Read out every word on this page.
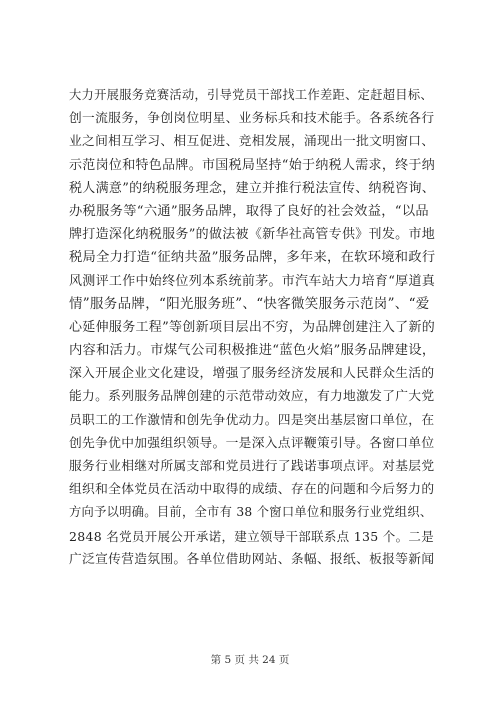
大力开展服务竞赛活动，引导党员干部找工作差距、定赶超目标、
创一流服务，争创岗位明星、业务标兵和技术能手。各系统各行
业之间相互学习、相互促进、竞相发展，涌现出一批文明窗口、
示范岗位和特色品牌。市国税局坚持“始于纳税人需求，终于纳
税人满意”的纳税服务理念，建立并推行税法宣传、纳税咨询、
办税服务等“六通”服务品牌，取得了良好的社会效益，“以品
牌打造深化纳税服务”的做法被《新华社高管专供》刊发。市地
税局全力打造“征纳共盈”服务品牌，多年来，在软环境和政行
风测评工作中始终位列本系统前茅。市汽车站大力培育“厚道真
情”服务品牌，“阳光服务班”、“快客微笑服务示范岗”、“爱
心延伸服务工程”等创新项目层出不穷，为品牌创建注入了新的
内容和活力。市煤气公司积极推进“蓝色火焰”服务品牌建设，
深入开展企业文化建设，增强了服务经济发展和人民群众生活的
能力。系列服务品牌创建的示范带动效应，有力地激发了广大党
员职工的工作激情和创先争优动力。四是突出基层窗口单位，在
创先争优中加强组织领导。一是深入点评鞭策引导。各窗口单位
服务行业相继对所属支部和党员进行了践诺事项点评。对基层党
组织和全体党员在活动中取得的成绩、存在的问题和今后努力的
方向予以明确。目前，全市有 38 个窗口单位和服务行业党组织、
2848 名党员开展公开承诺，建立领导干部联系点 135 个。二是
广泛宣传营造氛围。各单位借助网站、条幅、报纸、板报等新闻
第 5 页 共 24 页
